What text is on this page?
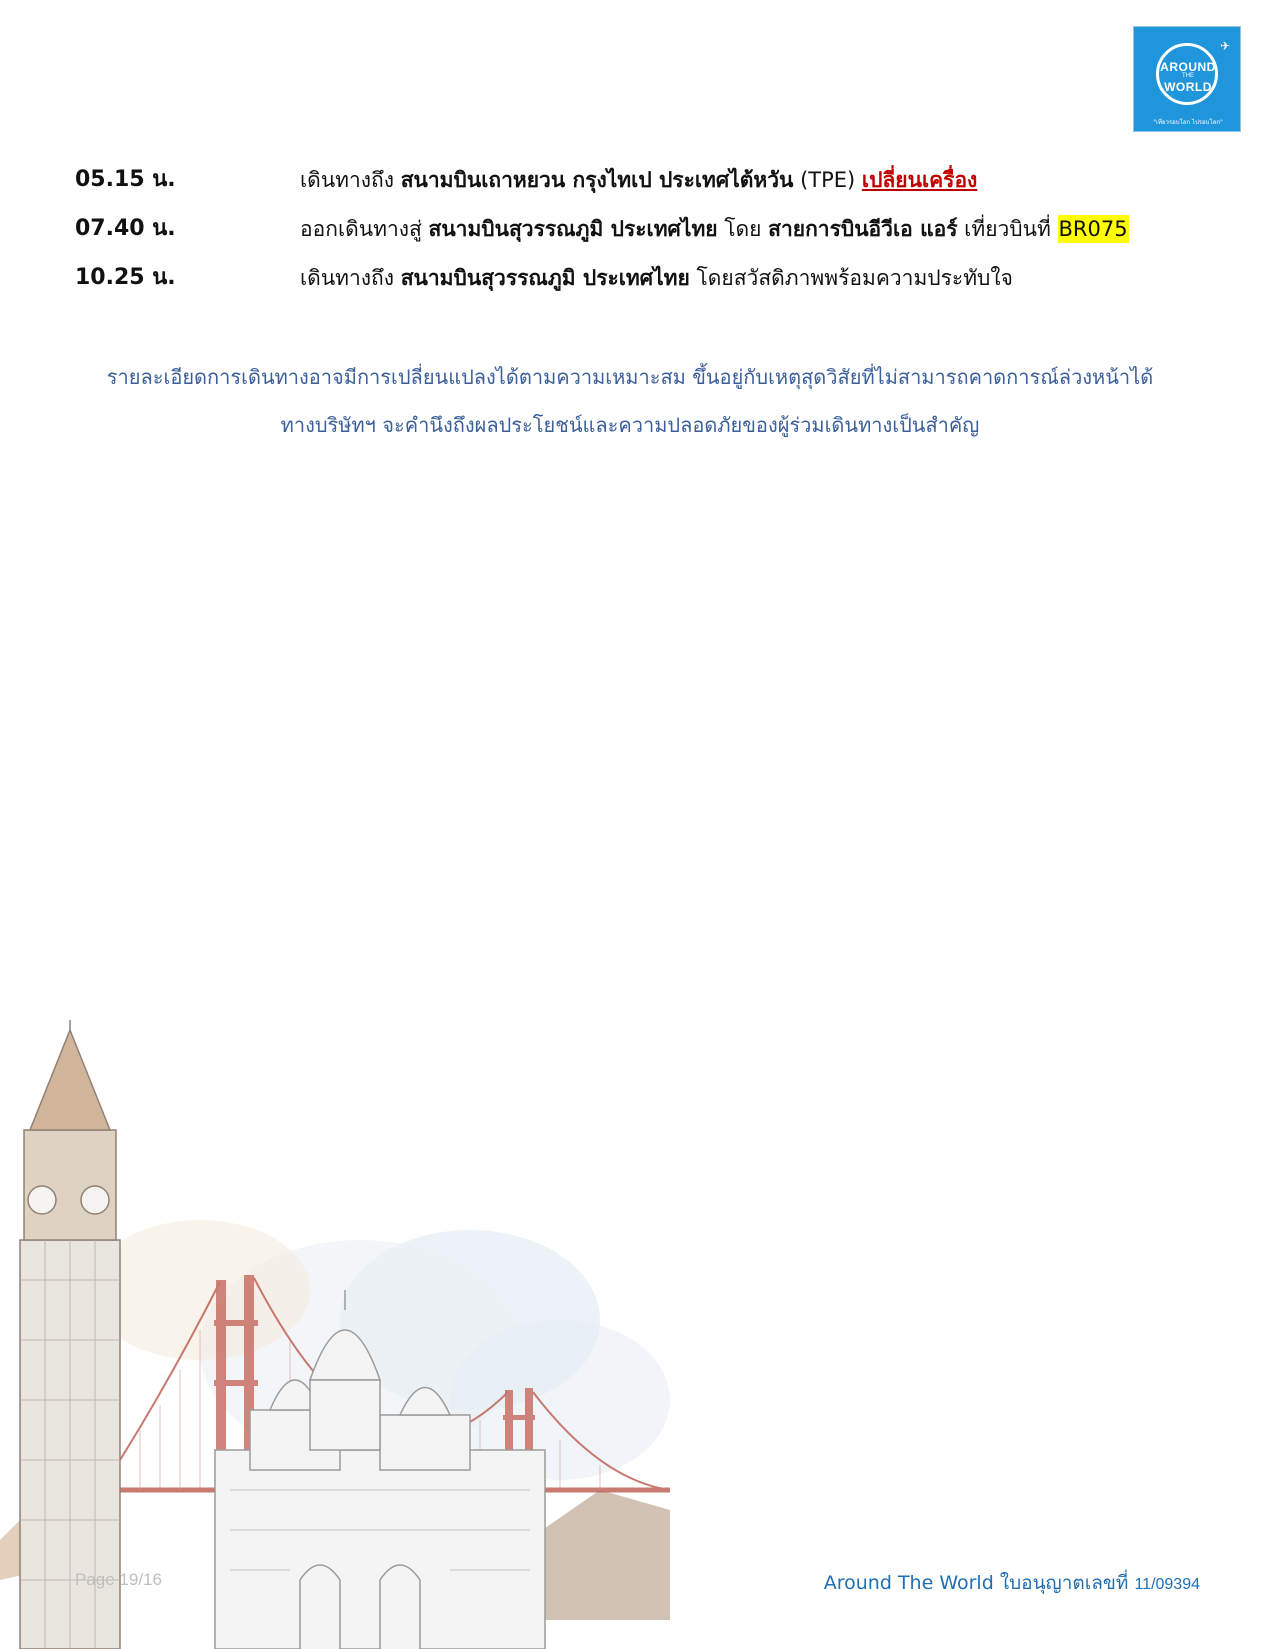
✈
AROUND
THE
WORLD
"เที่ยวรอบโลก ไปรอบโลก"
05.15 น.	เดินทางถึง สนามบินเถาหยวน กรุงไทเป ประเทศไต้หวัน (TPE) เปลี่ยนเครื่อง
07.40 น.	ออกเดินทางสู่ สนามบินสุวรรณภูมิ ประเทศไทย โดย สายการบินอีวีเอ แอร์ เที่ยวบินที่ BR075
10.25 น.	เดินทางถึง สนามบินสุวรรณภูมิ ประเทศไทย โดยสวัสดิภาพพร้อมความประทับใจ
รายละเอียดการเดินทางอาจมีการเปลี่ยนแปลงได้ตามความเหมาะสม ขึ้นอยู่กับเหตุสุดวิสัยที่ไม่สามารถคาดการณ์ล่วงหน้าได้
ทางบริษัทฯ จะคำนึงถึงผลประโยชน์และความปลอดภัยของผู้ร่วมเดินทางเป็นสำคัญ
Page 19/16	Around The World ใบอนุญาตเลขที่ 11/09394
